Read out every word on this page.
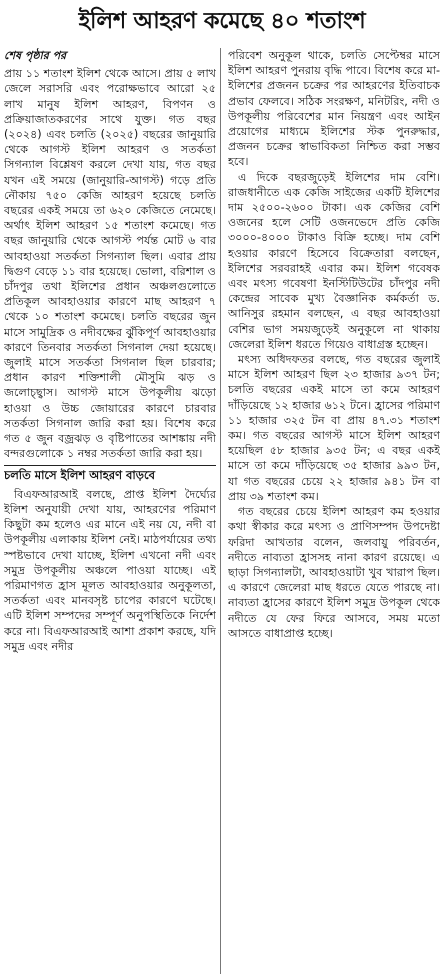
ইলিশ আহরণ কমেছে ৪০ শতাংশ
শেষ পৃষ্ঠার পর

প্রায় ১১ শতাংশ ইলিশ থেকে আসে। প্রায় ৫ লাখ জেলে সরাসরি এবং পরোক্ষভাবে আরো ২৫ লাখ মানুষ ইলিশ আহরণ, বিপণন ও প্রক্রিয়াজাতকরণের সাথে যুক্ত। গত বছর (২০২৪) এবং চলতি (২০২৫) বছরের জানুয়ারি থেকে আগস্ট ইলিশ আহরণ ও সতর্কতা সিগন্যাল বিশ্লেষণ করলে দেখা যায়, গত বছর যখন এই সময়ে (জানুয়ারি-আগস্ট) গড়ে প্রতি নৌকায় ৭৫০ কেজি আহরণ হয়েছে চলতি বছরের একই সময়ে তা ৬২০ কেজিতে নেমেছে। অর্থাৎ ইলিশ আহরণ ১৫ শতাংশ কমেছে। গত বছর জানুয়ারি থেকে আগস্ট পর্যন্ত মোট ৬ বার আবহাওয়া সতর্কতা সিগন্যাল ছিল। এবার প্রায় দ্বিগুণ বেড়ে ১১ বার হয়েছে। ভোলা, বরিশাল ও চাঁদপুর তথা ইলিশের প্রধান অঞ্চলগুলোতে প্রতিকূল আবহাওয়ার কারণে মাছ আহরণ ৭ থেকে ১০ শতাংশ কমেছে। চলতি বছরের জুন মাসে সামুদ্রিক ও নদীবক্ষের ঝুঁকিপূর্ণ আবহাওয়ার কারণে তিনবার সতর্কতা সিগনাল দেয়া হয়েছে। জুলাই মাসে সতর্কতা সিগনাল ছিল চারবার; প্রধান কারণ শক্তিশালী মৌসুমি ঝড় ও জলোচ্ছ্বাস। আগস্ট মাসে উপকূলীয় ঝড়ো হাওয়া ও উচ্চ জোয়ারের কারণে চারবার সতর্কতা সিগনাল জারি করা হয়। বিশেষ করে গত ৫ জুন বজ্রঝড় ও বৃষ্টিপাতের আশঙ্কায় নদী বন্দরগুলোকে ১ নম্বর সতর্কতা জারি করা হয়।

চলতি মাসে ইলিশ আহরণ বাড়বে

বিএফআরআই বলছে, প্রাপ্ত ইলিশ দৈর্ঘ্যের ইলিশ অনুযায়ী দেখা যায়, আহরণের পরিমাণ কিছুটা কম হলেও এর মানে এই নয় যে, নদী বা উপকূলীয় এলাকায় ইলিশ নেই। মাঠপর্যায়ের তথ্য স্পষ্টভাবে দেখা যাচ্ছে, ইলিশ এখনো নদী এবং সমুদ্র উপকূলীয় অঞ্চলে পাওয়া যাচ্ছে। এই পরিমাণগত হ্রাস মূলত আবহাওয়ার অনুকূলতা, সতর্কতা এবং মানবসৃষ্ট চাপের কারণে ঘটেছে। এটি ইলিশ সম্পদের সম্পূর্ণ অনুপস্থিতিকে নির্দেশ করে না। বিএফআরআই আশা প্রকাশ করছে, যদি সমুদ্র এবং নদীর

পরিবেশ অনুকূল থাকে, চলতি সেপ্টেম্বর মাসে ইলিশ আহরণ পুনরায় বৃদ্ধি পাবে। বিশেষ করে মা-ইলিশের প্রজনন চক্রের পর আহরণের ইতিবাচক প্রভাব ফেলবে। সঠিক সংরক্ষণ, মনিটরিং, নদী ও উপকূলীয় পরিবেশের মান নিয়ন্ত্রণ এবং আইন প্রয়োগের মাধ্যমে ইলিশের স্টক পুনরুদ্ধার, প্রজনন চক্রের স্বাভাবিকতা নিশ্চিত করা সম্ভব হবে।

এ দিকে বছরজুড়েই ইলিশের দাম বেশি। রাজধানীতে এক কেজি সাইজের একটি ইলিশের দাম ২৫০০-২৬০০ টাকা। এক কেজির বেশি ওজনের হলে সেটি ওজনভেদে প্রতি কেজি ৩০০০-৪০০০ টাকাও বিক্রি হচ্ছে। দাম বেশি হওয়ার কারণে হিসেবে বিক্রেতারা বলছেন, ইলিশের সরবরাহই এবার কম। ইলিশ গবেষক এবং মৎস্য গবেষণা ইনস্টিটিউটের চাঁদপুর নদী কেন্দ্রের সাবেক মুখ্য বৈজ্ঞানিক কর্মকর্তা ড. আনিসুর রহমান বলছেন, এ বছর আবহাওয়া বেশির ভাগ সময়জুড়েই অনুকূলে না থাকায় জেলেরা ইলিশ ধরতে গিয়েও বাধাগ্রস্ত হচ্ছেন।

মৎস্য অধিদফতর বলছে, গত বছরের জুলাই মাসে ইলিশ আহরণ ছিল ২৩ হাজার ৯৩৭ টন; চলতি বছরের একই মাসে তা কমে আহরণ দাঁড়িয়েছে ১২ হাজার ৬১২ টনে। হ্রাসের পরিমাণ ১১ হাজার ৩২৫ টন বা প্রায় ৪৭.৩১ শতাংশ কম। গত বছরের আগস্ট মাসে ইলিশ আহরণ হয়েছিল ৫৮ হাজার ৯৩৫ টন; এ বছর একই মাসে তা কমে দাঁড়িয়েছে ৩৫ হাজার ৯৯৩ টন, যা গত বছরের চেয়ে ২২ হাজার ৯৪১ টন বা প্রায় ৩৯ শতাংশ কম।

গত বছরের চেয়ে ইলিশ আহরণ কম হওয়ার কথা স্বীকার করে মৎস্য ও প্রাণিসম্পদ উপদেষ্টা ফরিদা আখতার বলেন, জলবায়ু পরিবর্তন, নদীতে নাব্যতা হ্রাসসহ নানা কারণ রয়েছে। এ ছাড়া সিগন্যালটা, আবহাওয়াটা খুব খারাপ ছিল। এ কারণে জেলেরা মাছ ধরতে যেতে পারছে না। নাব্যতা হ্রাসের কারণে ইলিশ সমুদ্র উপকূল থেকে নদীতে যে ফের ফিরে আসবে, সময় মতো আসতে বাধাপ্রাপ্ত হচ্ছে।
